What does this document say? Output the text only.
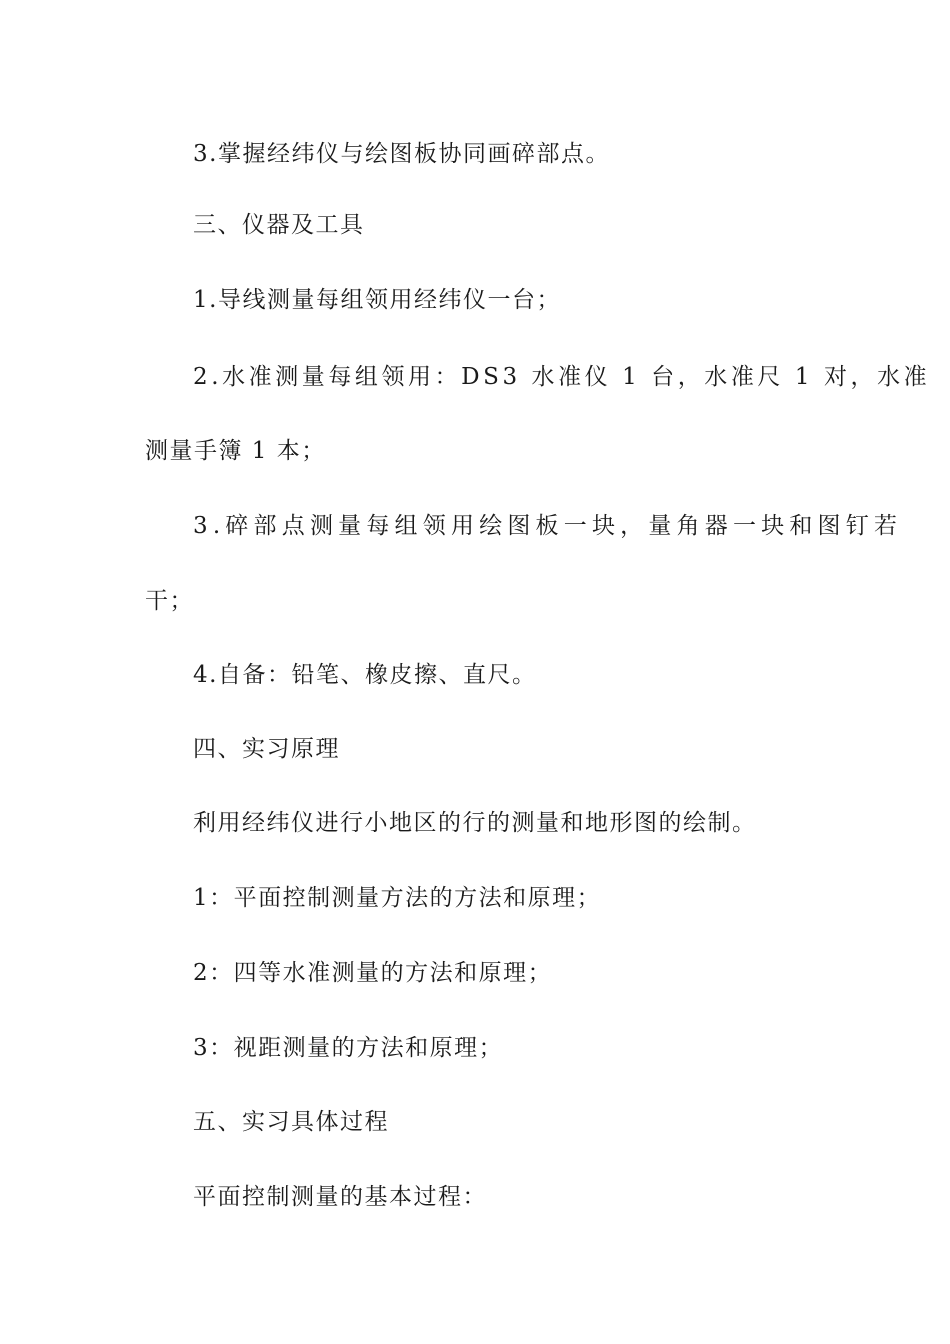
3.掌握经纬仪与绘图板协同画碎部点。
三、仪器及工具
1.导线测量每组领用经纬仪一台；
2.水准测量每组领用：DS3 水准仪 1 台，水准尺 1 对，水准
测量手簿 1 本；
3.碎部点测量每组领用绘图板一块，量角器一块和图钉若
干；
4.自备：铅笔、橡皮擦、直尺。
四、实习原理
利用经纬仪进行小地区的行的测量和地形图的绘制。
1：平面控制测量方法的方法和原理；
2：四等水准测量的方法和原理；
3：视距测量的方法和原理；
五、实习具体过程
平面控制测量的基本过程：
